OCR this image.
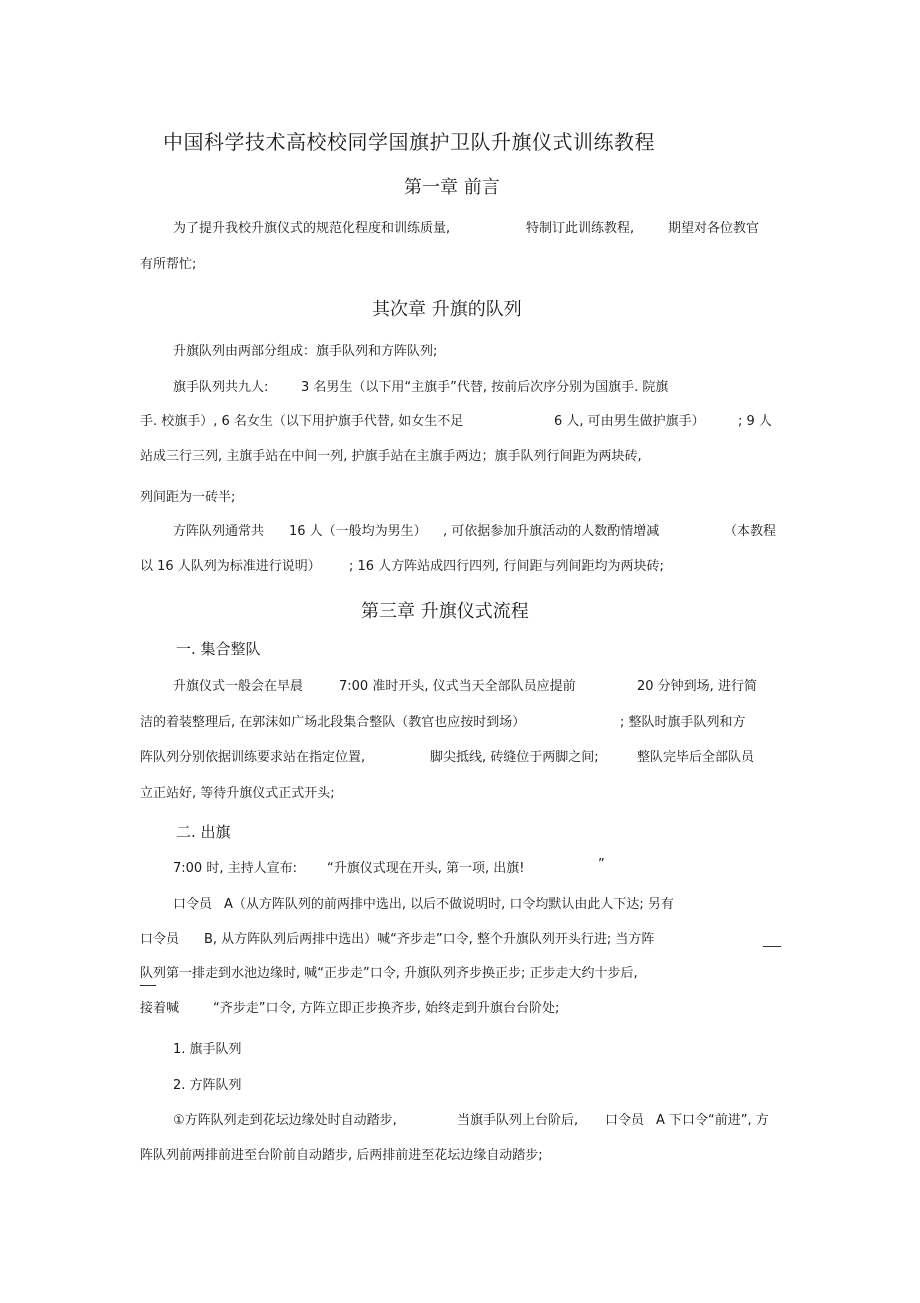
中国科学技术高校校同学国旗护卫队升旗仪式训练教程
第一章 前言
为了提升我校升旗仪式的规范化程度和训练质量,	特制订此训练教程,	期望对各位教官
有所帮忙;
其次章 升旗的队列
升旗队列由两部分组成：旗手队列和方阵队列;
旗手队列共九人:	3 名男生（以下用“主旗手”代替, 按前后次序分别为国旗手. 院旗
手. 校旗手）, 6 名女生（以下用护旗手代替, 如女生不足	6 人, 可由男生做护旗手）	; 9 人
站成三行三列, 主旗手站在中间一列, 护旗手站在主旗手两边；旗手队列行间距为两块砖,
列间距为一砖半;
方阵队列通常共 16 人（一般均为男生） , 可依据参加升旗活动的人数酌情增减	（本教程
以 16 人队列为标准进行说明） ; 16 人方阵站成四行四列, 行间距与列间距均为两块砖;
第三章 升旗仪式流程
一. 集合整队
升旗仪式一般会在早晨	7:00 准时开头, 仪式当天全部队员应提前	20 分钟到场, 进行简
洁的着装整理后, 在郭沫如广场北段集合整队（教官也应按时到场）	; 整队时旗手队列和方
阵队列分别依据训练要求站在指定位置,	脚尖抵线, 砖缝位于两脚之间;	整队完毕后全部队员
立正站好, 等待升旗仪式正式开头;
二. 出旗
7:00 时, 主持人宣布: “升旗仪式现在开头, 第一项, 出旗!	”
口令员 A（从方阵队列的前两排中选出, 以后不做说明时, 口令均默认由此人下达; 另有
口令员 B, 从方阵队列后两排中选出）喊“齐步走”口令, 整个升旗队列开头行进; 当方阵
队列第一排走到水池边缘时, 喊“正步走”口令, 升旗队列齐步换正步; 正步走大约十步后,
接着喊	“齐步走”口令, 方阵立即正步换齐步, 始终走到升旗台台阶处;
1. 旗手队列
2. 方阵队列
①方阵队列走到花坛边缘处时自动踏步,	当旗手队列上台阶后, 口令员 A 下口令“前进”, 方
阵队列前两排前进至台阶前自动踏步, 后两排前进至花坛边缘自动踏步;
